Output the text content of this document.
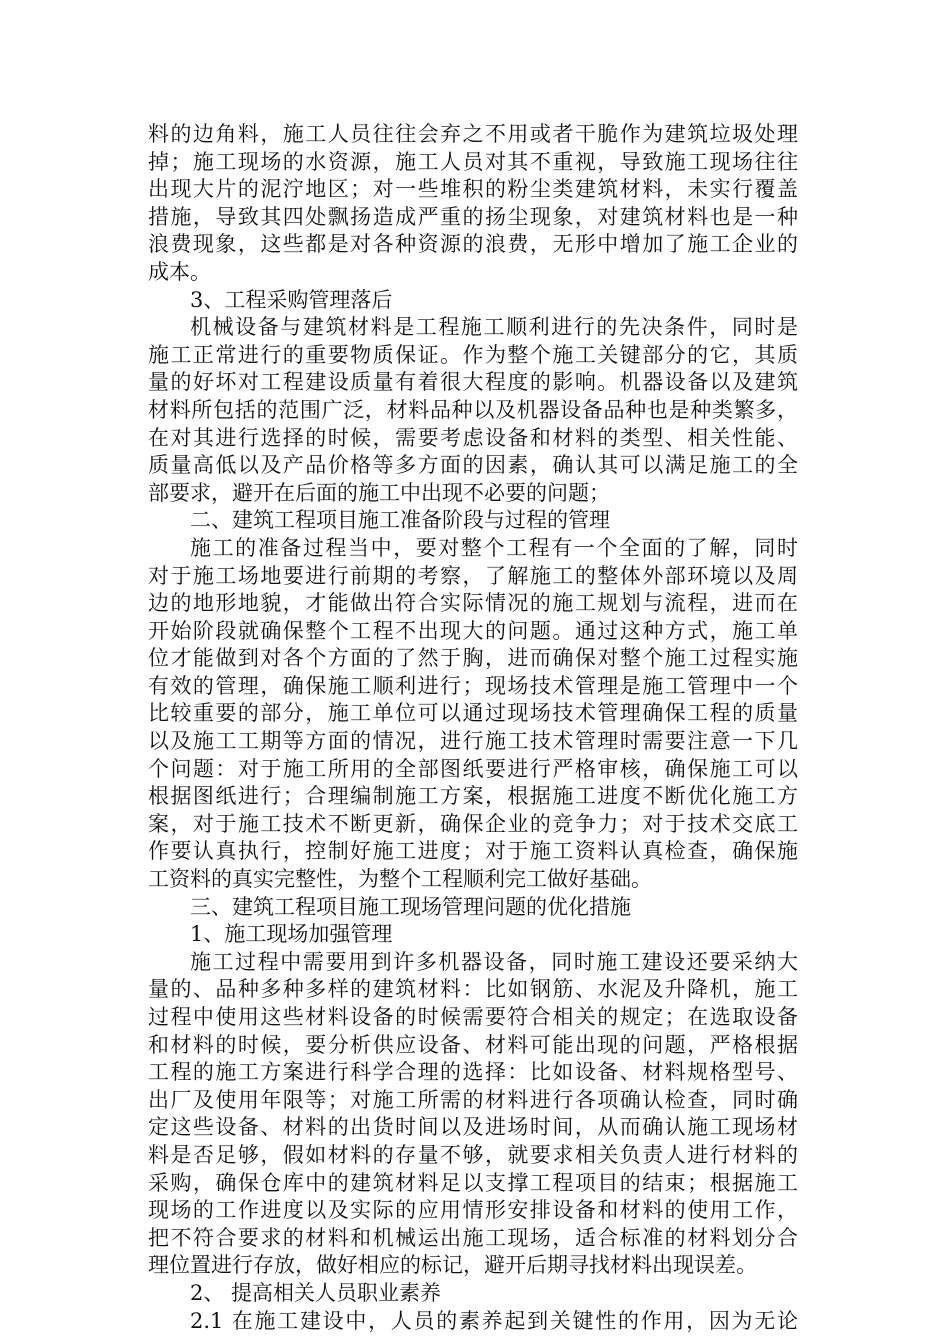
料的边角料，施工人员往往会弃之不用或者干脆作为建筑垃圾处理
掉；施工现场的水资源，施工人员对其不重视，导致施工现场往往
出现大片的泥泞地区；对一些堆积的粉尘类建筑材料，未实行覆盖
措施，导致其四处飘扬造成严重的扬尘现象，对建筑材料也是一种
浪费现象，这些都是对各种资源的浪费，无形中增加了施工企业的
成本。
3、工程采购管理落后
机械设备与建筑材料是工程施工顺利进行的先决条件，同时是
施工正常进行的重要物质保证。作为整个施工关键部分的它，其质
量的好坏对工程建设质量有着很大程度的影响。机器设备以及建筑
材料所包括的范围广泛，材料品种以及机器设备品种也是种类繁多，
在对其进行选择的时候，需要考虑设备和材料的类型、相关性能、
质量高低以及产品价格等多方面的因素，确认其可以满足施工的全
部要求，避开在后面的施工中出现不必要的问题；
二、建筑工程项目施工准备阶段与过程的管理
施工的准备过程当中，要对整个工程有一个全面的了解，同时
对于施工场地要进行前期的考察，了解施工的整体外部环境以及周
边的地形地貌，才能做出符合实际情况的施工规划与流程，进而在
开始阶段就确保整个工程不出现大的问题。通过这种方式，施工单
位才能做到对各个方面的了然于胸，进而确保对整个施工过程实施
有效的管理，确保施工顺利进行；现场技术管理是施工管理中一个
比较重要的部分，施工单位可以通过现场技术管理确保工程的质量
以及施工工期等方面的情况，进行施工技术管理时需要注意一下几
个问题：对于施工所用的全部图纸要进行严格审核，确保施工可以
根据图纸进行；合理编制施工方案，根据施工进度不断优化施工方
案，对于施工技术不断更新，确保企业的竞争力；对于技术交底工
作要认真执行，控制好施工进度；对于施工资料认真检查，确保施
工资料的真实完整性，为整个工程顺利完工做好基础。
三、建筑工程项目施工现场管理问题的优化措施
1、施工现场加强管理
施工过程中需要用到许多机器设备，同时施工建设还要采纳大
量的、品种多种多样的建筑材料：比如钢筋、水泥及升降机，施工
过程中使用这些材料设备的时候需要符合相关的规定；在选取设备
和材料的时候，要分析供应设备、材料可能出现的问题，严格根据
工程的施工方案进行科学合理的选择：比如设备、材料规格型号、
出厂及使用年限等；对施工所需的材料进行各项确认检查，同时确
定这些设备、材料的出货时间以及进场时间，从而确认施工现场材
料是否足够，假如材料的存量不够，就要求相关负责人进行材料的
采购，确保仓库中的建筑材料足以支撑工程项目的结束；根据施工
现场的工作进度以及实际的应用情形安排设备和材料的使用工作，
把不符合要求的材料和机械运出施工现场，适合标准的材料划分合
理位置进行存放，做好相应的标记，避开后期寻找材料出现误差。
2、 提高相关人员职业素养
2.1 在施工建设中，人员的素养起到关键性的作用，因为无论
